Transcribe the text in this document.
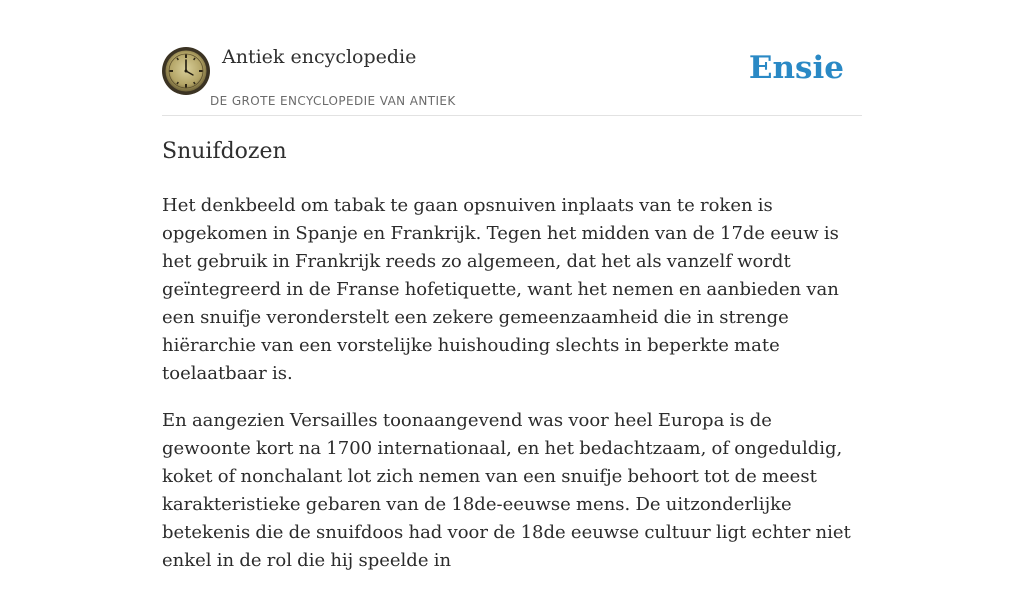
Antiek encyclopedie
DE GROTE ENCYCLOPEDIE VAN ANTIEK
Ensie
Snuifdozen

Het denkbeeld om tabak te gaan opsnuiven inplaats van te roken is opgekomen in Spanje en Frankrijk. Tegen het midden van de 17de eeuw is het gebruik in Frankrijk reeds zo algemeen, dat het als vanzelf wordt geïntegreerd in de Franse hofetiquette, want het nemen en aanbieden van een snuifje veronderstelt een zekere gemeenzaamheid die in strenge hiërarchie van een vorstelijke huishouding slechts in beperkte mate toelaatbaar is.

En aangezien Versailles toonaangevend was voor heel Europa is de gewoonte kort na 1700 internationaal, en het bedachtzaam, of ongeduldig, koket of nonchalant lot zich nemen van een snuifje behoort tot de meest karakteristieke gebaren van de 18de-eeuwse mens. De uitzonderlijke betekenis die de snuifdoos had voor de 18de eeuwse cultuur ligt echter niet enkel in de rol die hij speelde in
